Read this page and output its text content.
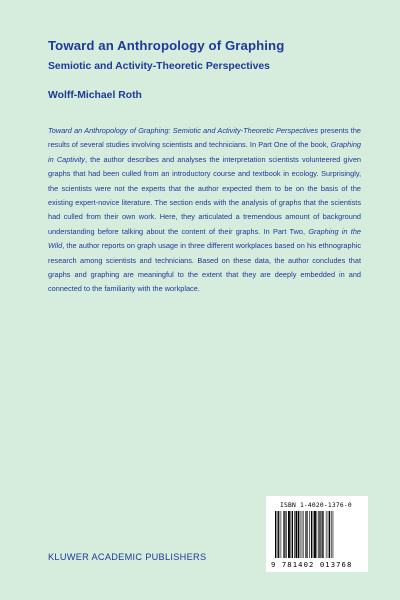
Toward an Anthropology of Graphing
Semiotic and Activity-Theoretic Perspectives
Wolff-Michael Roth
Toward an Anthropology of Graphing: Semiotic and Activity-Theoretic Perspectives presents the results of several studies involving scientists and technicians. In Part One of the book, Graphing in Captivity, the author describes and analyses the interpretation scientists volunteered given graphs that had been culled from an introductory course and textbook in ecology. Surprisingly, the scientists were not the experts that the author expected them to be on the basis of the existing expert-novice literature. The section ends with the analysis of graphs that the scientists had culled from their own work. Here, they articulated a tremendous amount of background understanding before talking about the content of their graphs. In Part Two, Graphing in the Wild, the author reports on graph usage in three different workplaces based on his ethnographic research among scientists and technicians. Based on these data, the author concludes that graphs and graphing are meaningful to the extent that they are deeply embedded in and connected to the familiarity with the workplace.
KLUWER ACADEMIC PUBLISHERS
ISBN 1-4020-1376-0
9 781402 013768
